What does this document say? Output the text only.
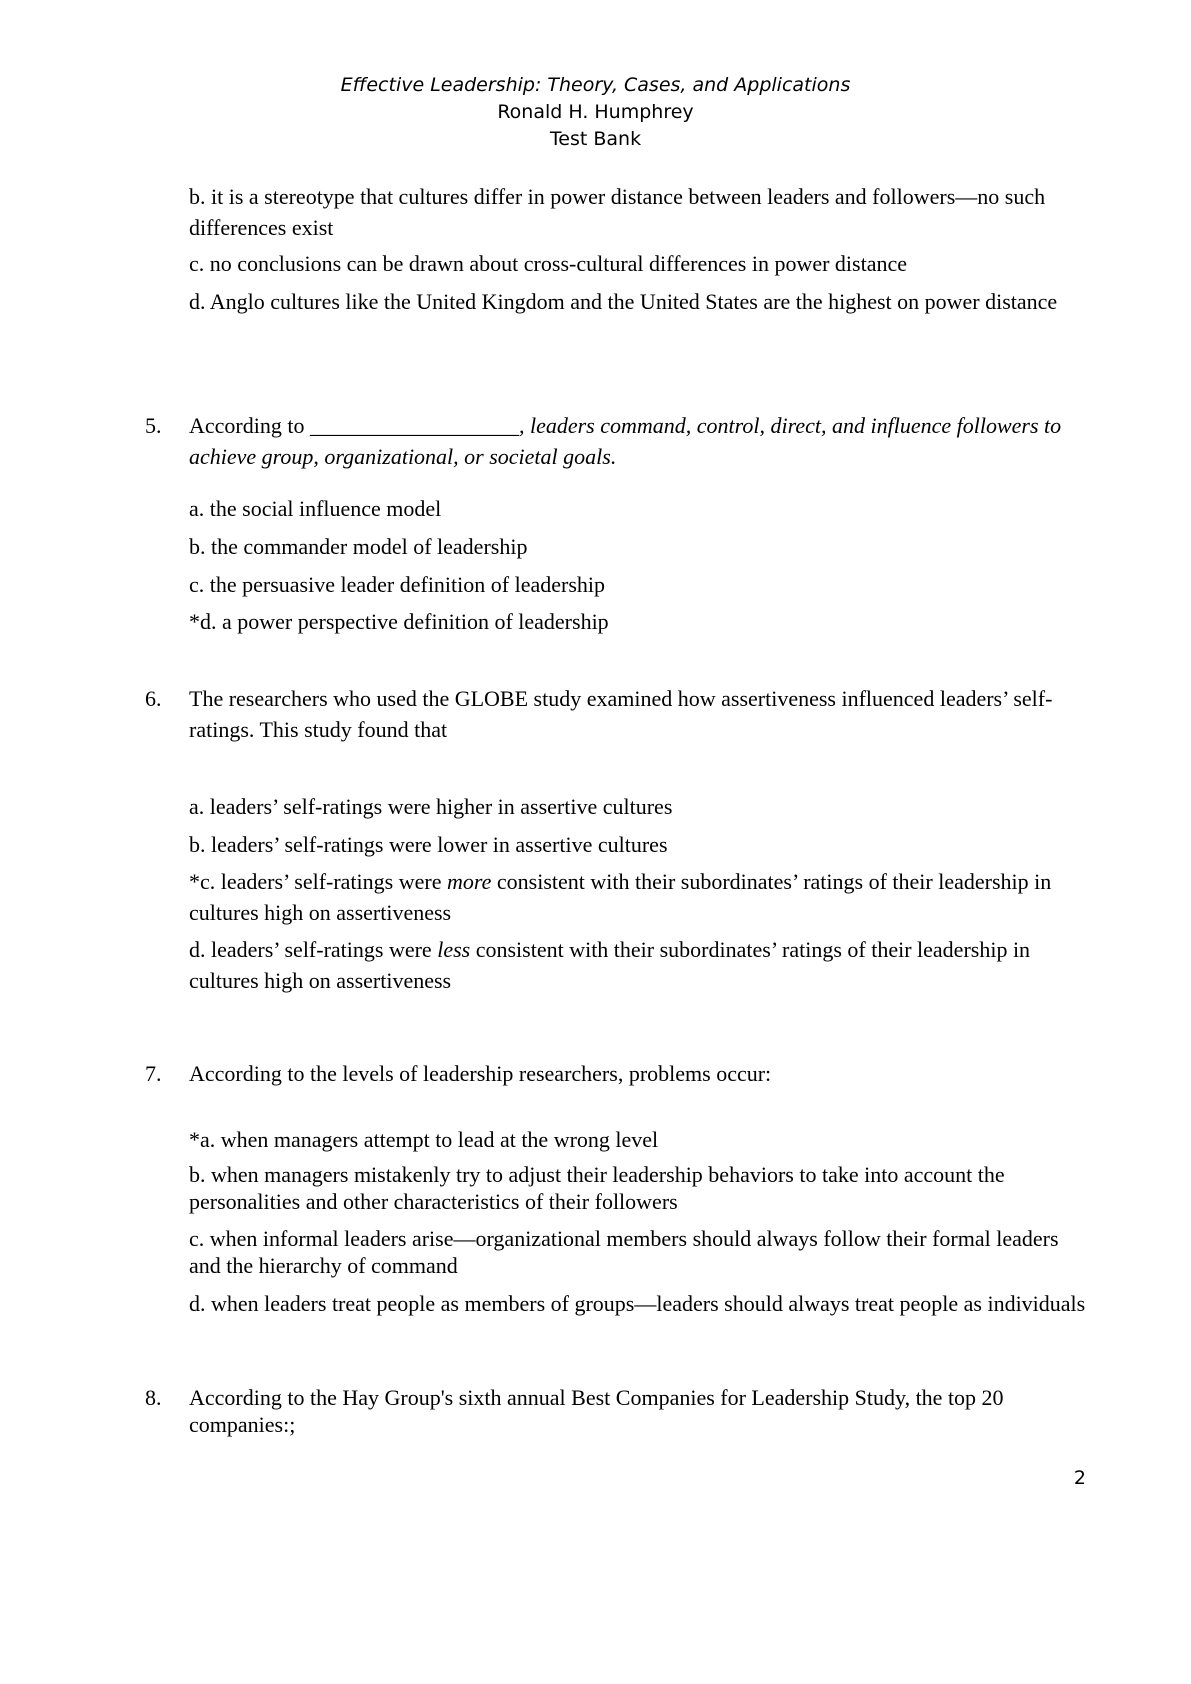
Effective Leadership: Theory, Cases, and Applications
Ronald H. Humphrey
Test Bank

b. it is a stereotype that cultures differ in power distance between leaders and followers—no such differences exist

c. no conclusions can be drawn about cross-cultural differences in power distance

d. Anglo cultures like the United Kingdom and the United States are the highest on power distance

5. According to ___________________, leaders command, control, direct, and influence followers to achieve group, organizational, or societal goals.

a. the social influence model

b. the commander model of leadership

c. the persuasive leader definition of leadership

*d. a power perspective definition of leadership

6. The researchers who used the GLOBE study examined how assertiveness influenced leaders’ self-ratings. This study found that

a. leaders’ self-ratings were higher in assertive cultures

b. leaders’ self-ratings were lower in assertive cultures

*c. leaders’ self-ratings were more consistent with their subordinates’ ratings of their leadership in cultures high on assertiveness

d. leaders’ self-ratings were less consistent with their subordinates’ ratings of their leadership in cultures high on assertiveness

7. According to the levels of leadership researchers, problems occur:

*a. when managers attempt to lead at the wrong level

b. when managers mistakenly try to adjust their leadership behaviors to take into account the personalities and other characteristics of their followers

c. when informal leaders arise—organizational members should always follow their formal leaders and the hierarchy of command

d. when leaders treat people as members of groups—leaders should always treat people as individuals

8. According to the Hay Group's sixth annual Best Companies for Leadership Study, the top 20 companies:;

2
